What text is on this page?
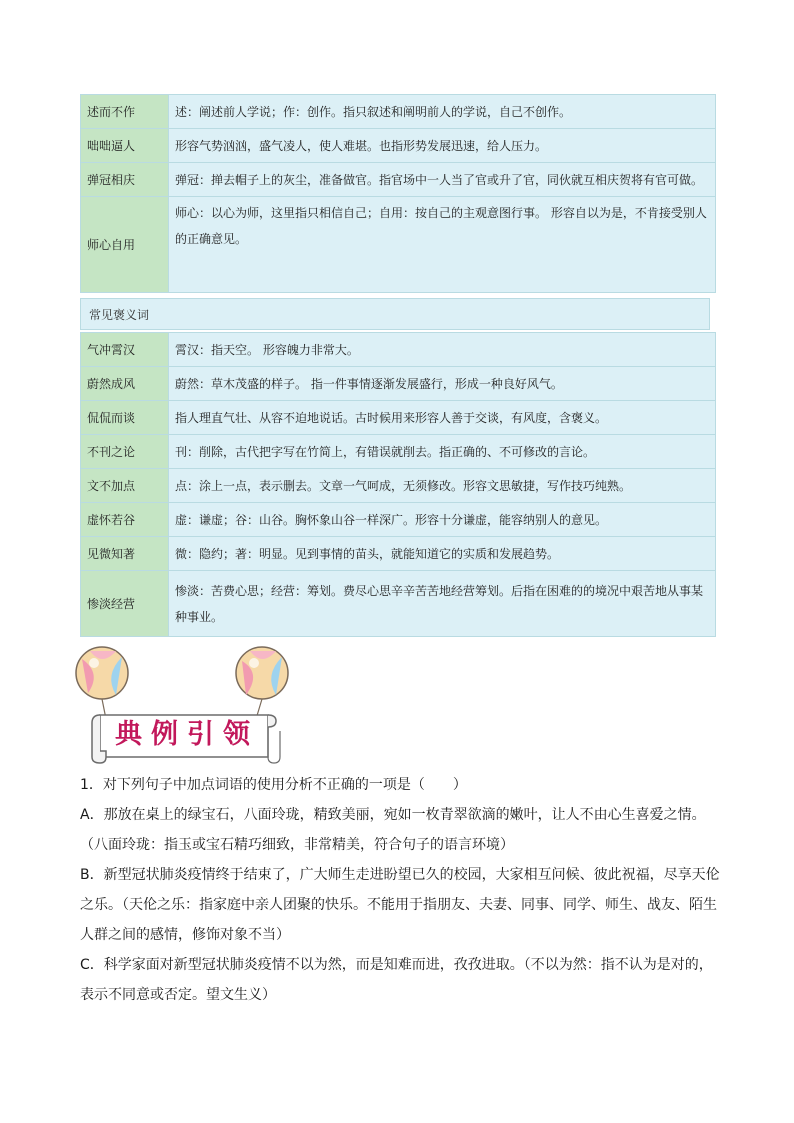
述而不作	述：阐述前人学说；作：创作。指只叙述和阐明前人的学说，自己不创作。
咄咄逼人	形容气势汹汹，盛气凌人，使人难堪。也指形势发展迅速，给人压力。
弹冠相庆	弹冠：掸去帽子上的灰尘，准备做官。指官场中一人当了官或升了官，同伙就互相庆贺将有官可做。
师心自用	师心：以心为师，这里指只相信自己；自用：按自己的主观意图行事。 形容自以为是，不肯接受别人的正确意见。
常见褒义词
气冲霄汉	霄汉：指天空。 形容魄力非常大。
蔚然成风	蔚然：草木茂盛的样子。 指一件事情逐渐发展盛行，形成一种良好风气。
侃侃而谈	指人理直气壮、从容不迫地说话。古时候用来形容人善于交谈，有风度，含褒义。
不刊之论	刊：削除，古代把字写在竹简上，有错误就削去。指正确的、不可修改的言论。
文不加点	点：涂上一点，表示删去。文章一气呵成，无须修改。形容文思敏捷，写作技巧纯熟。
虚怀若谷	虚：谦虚；谷：山谷。胸怀象山谷一样深广。形容十分谦虚，能容纳别人的意见。
见微知著	微：隐约；著：明显。见到事情的苗头，就能知道它的实质和发展趋势。
惨淡经营	惨淡：苦费心思；经营：筹划。费尽心思辛辛苦苦地经营筹划。后指在困难的的境况中艰苦地从事某种事业。
典例引领

1．对下列句子中加点词语的使用分析不正确的一项是（　　）

A．那放在桌上的绿宝石，八面玲珑，精致美丽，宛如一枚青翠欲滴的嫩叶，让人不由心生喜爱之情。（八面玲珑：指玉或宝石精巧细致，非常精美，符合句子的语言环境）

B．新型冠状肺炎疫情终于结束了，广大师生走进盼望已久的校园，大家相互问候、彼此祝福，尽享天伦之乐。（天伦之乐：指家庭中亲人团聚的快乐。不能用于指朋友、夫妻、同事、同学、师生、战友、陌生人群之间的感情，修饰对象不当）

C．科学家面对新型冠状肺炎疫情不以为然，而是知难而进，孜孜进取。（不以为然：指不认为是对的，表示不同意或否定。望文生义）
